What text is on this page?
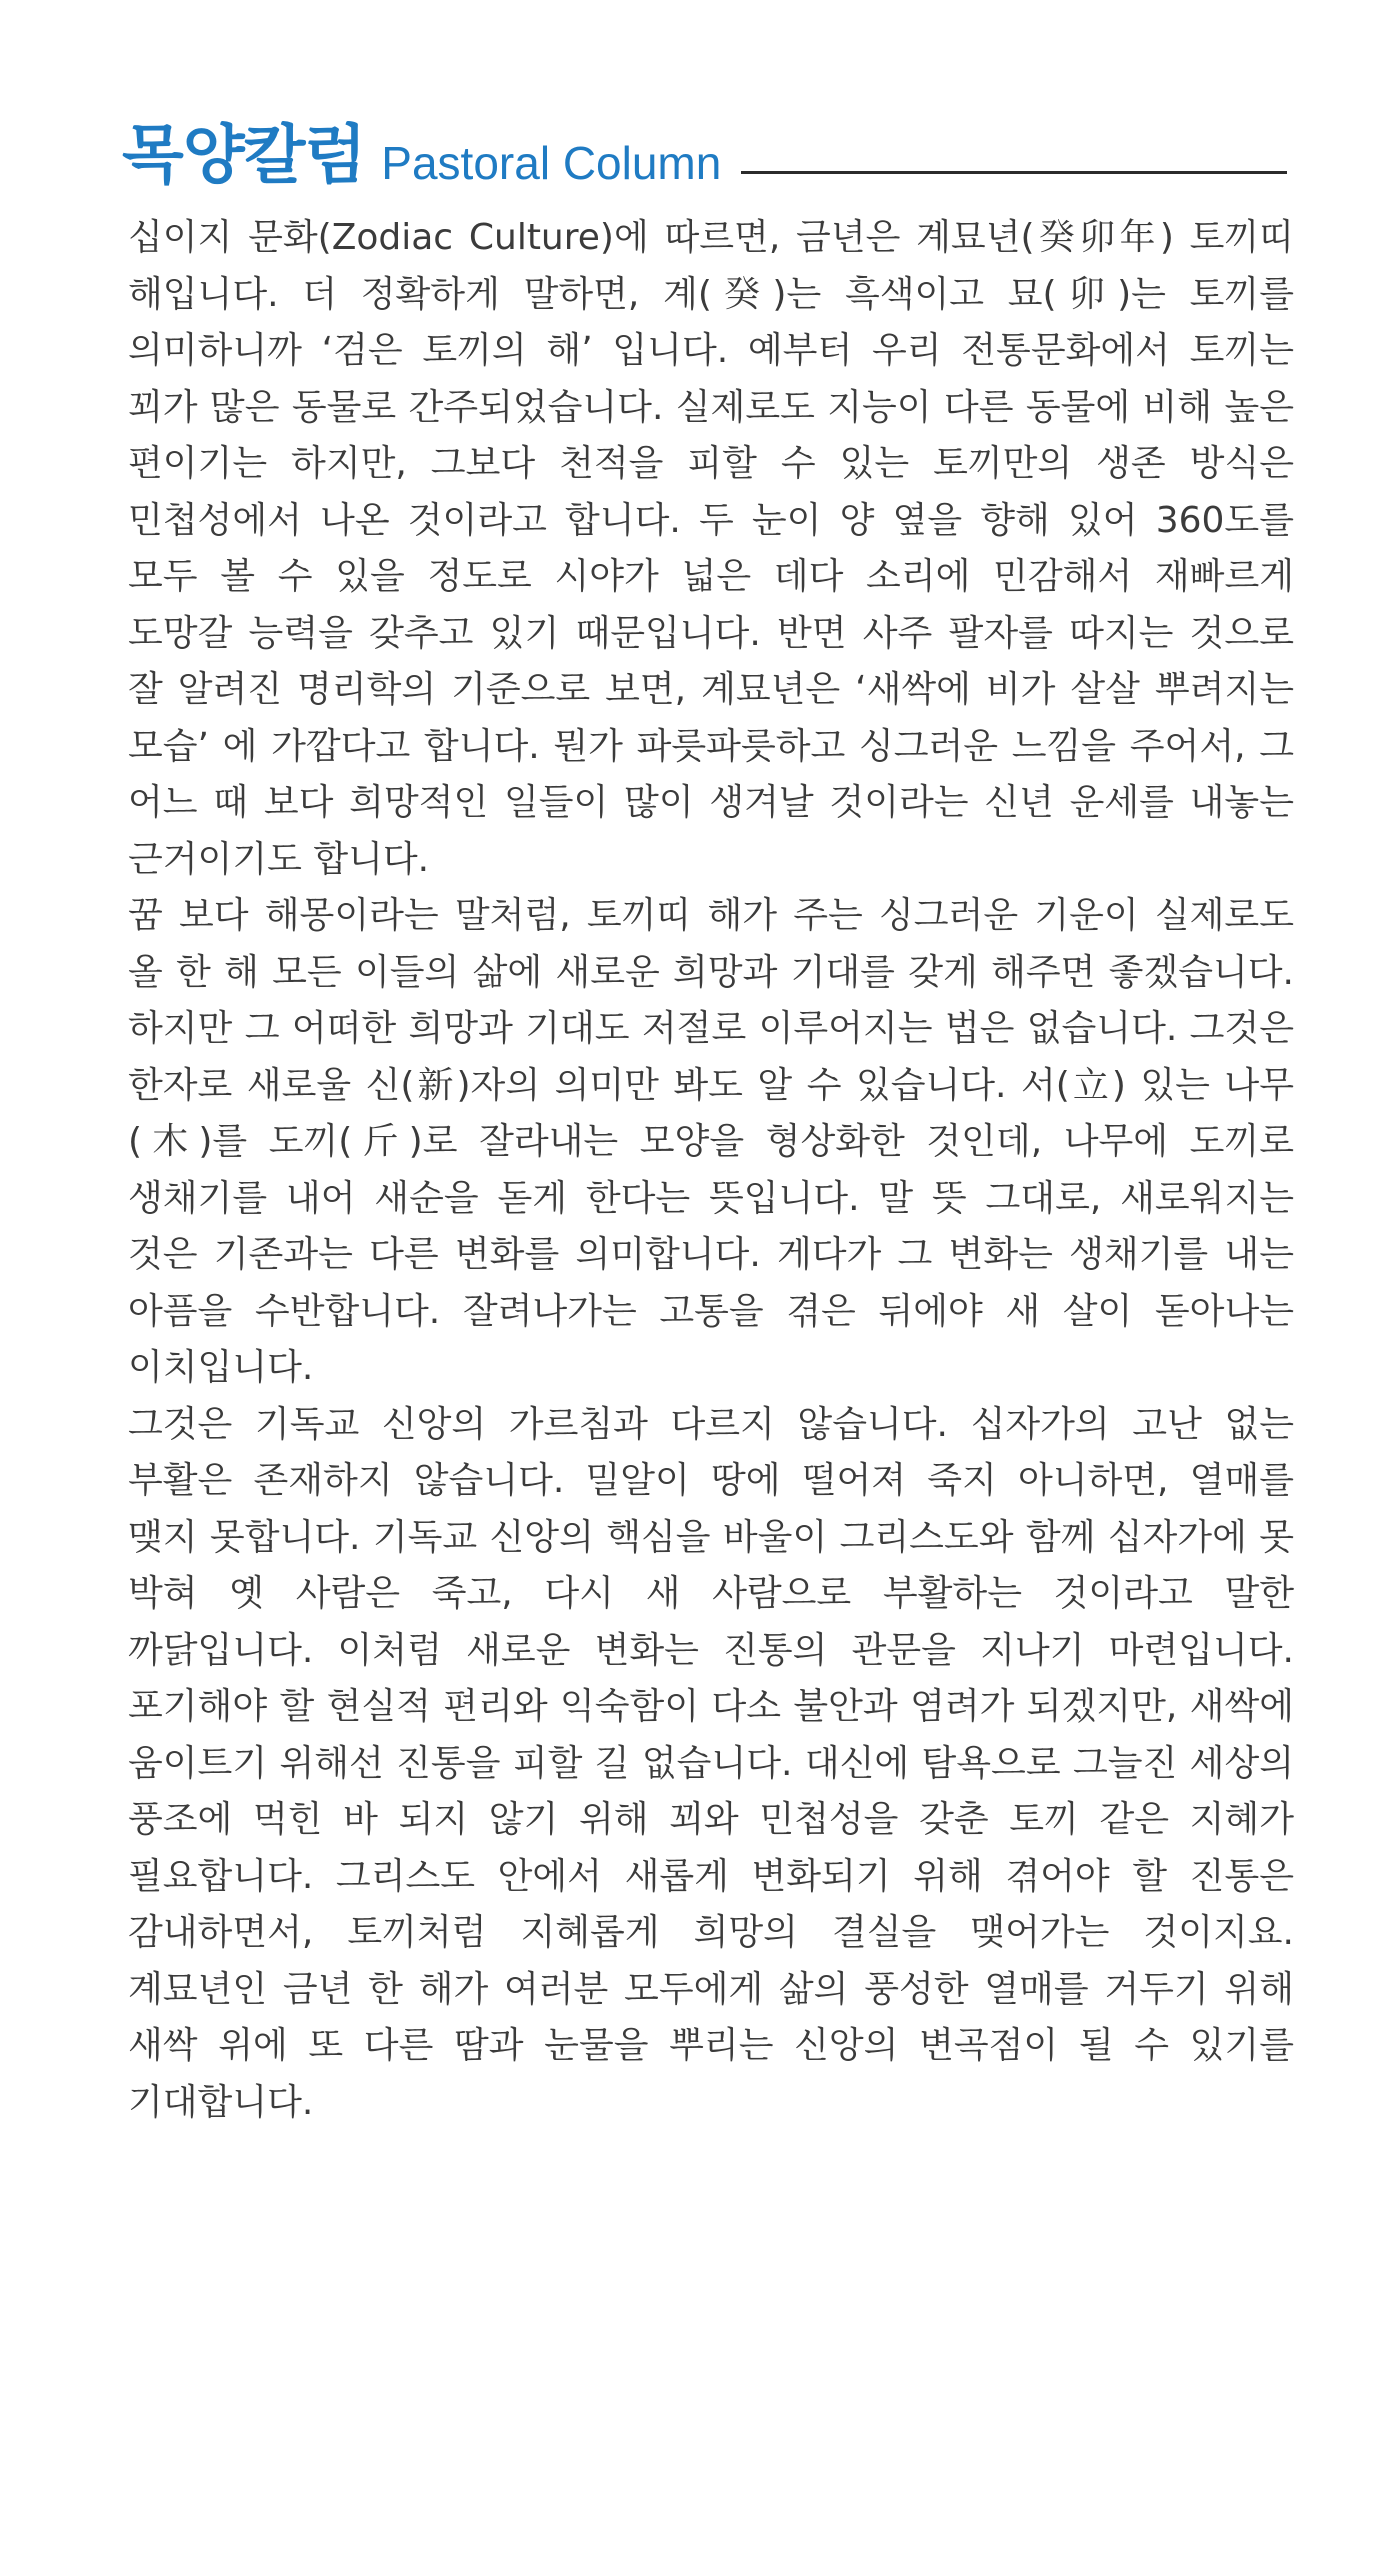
목양칼럼 Pastoral Column

십이지 문화(Zodiac Culture)에 따르면, 금년은 계묘년(癸卯年) 토끼띠 해입니다. 더 정확하게 말하면, 계(癸)는 흑색이고 묘(卯)는 토끼를 의미하니까 ‘검은 토끼의 해’ 입니다. 예부터 우리 전통문화에서 토끼는 꾀가 많은 동물로 간주되었습니다. 실제로도 지능이 다른 동물에 비해 높은 편이기는 하지만, 그보다 천적을 피할 수 있는 토끼만의 생존 방식은 민첩성에서 나온 것이라고 합니다. 두 눈이 양 옆을 향해 있어 360도를 모두 볼 수 있을 정도로 시야가 넓은 데다 소리에 민감해서 재빠르게 도망갈 능력을 갖추고 있기 때문입니다. 반면 사주 팔자를 따지는 것으로 잘 알려진 명리학의 기준으로 보면, 계묘년은 ‘새싹에 비가 살살 뿌려지는 모습’ 에 가깝다고 합니다. 뭔가 파릇파릇하고 싱그러운 느낌을 주어서, 그 어느 때 보다 희망적인 일들이 많이 생겨날 것이라는 신년 운세를 내놓는 근거이기도 합니다.

꿈 보다 해몽이라는 말처럼, 토끼띠 해가 주는 싱그러운 기운이 실제로도 올 한 해 모든 이들의 삶에 새로운 희망과 기대를 갖게 해주면 좋겠습니다. 하지만 그 어떠한 희망과 기대도 저절로 이루어지는 법은 없습니다. 그것은 한자로 새로울 신(新)자의 의미만 봐도 알 수 있습니다. 서(立) 있는 나무(木)를 도끼(斤)로 잘라내는 모양을 형상화한 것인데, 나무에 도끼로 생채기를 내어 새순을 돋게 한다는 뜻입니다. 말 뜻 그대로, 새로워지는 것은 기존과는 다른 변화를 의미합니다. 게다가 그 변화는 생채기를 내는 아픔을 수반합니다. 잘려나가는 고통을 겪은 뒤에야 새 살이 돋아나는 이치입니다.

그것은 기독교 신앙의 가르침과 다르지 않습니다. 십자가의 고난 없는 부활은 존재하지 않습니다. 밀알이 땅에 떨어져 죽지 아니하면, 열매를 맺지 못합니다. 기독교 신앙의 핵심을 바울이 그리스도와 함께 십자가에 못 박혀 옛 사람은 죽고, 다시 새 사람으로 부활하는 것이라고 말한 까닭입니다. 이처럼 새로운 변화는 진통의 관문을 지나기 마련입니다. 포기해야 할 현실적 편리와 익숙함이 다소 불안과 염려가 되겠지만, 새싹에 움이트기 위해선 진통을 피할 길 없습니다. 대신에 탐욕으로 그늘진 세상의 풍조에 먹힌 바 되지 않기 위해 꾀와 민첩성을 갖춘 토끼 같은 지혜가 필요합니다. 그리스도 안에서 새롭게 변화되기 위해 겪어야 할 진통은 감내하면서, 토끼처럼 지혜롭게 희망의 결실을 맺어가는 것이지요. 계묘년인 금년 한 해가 여러분 모두에게 삶의 풍성한 열매를 거두기 위해 새싹 위에 또 다른 땀과 눈물을 뿌리는 신앙의 변곡점이 될 수 있기를 기대합니다.
